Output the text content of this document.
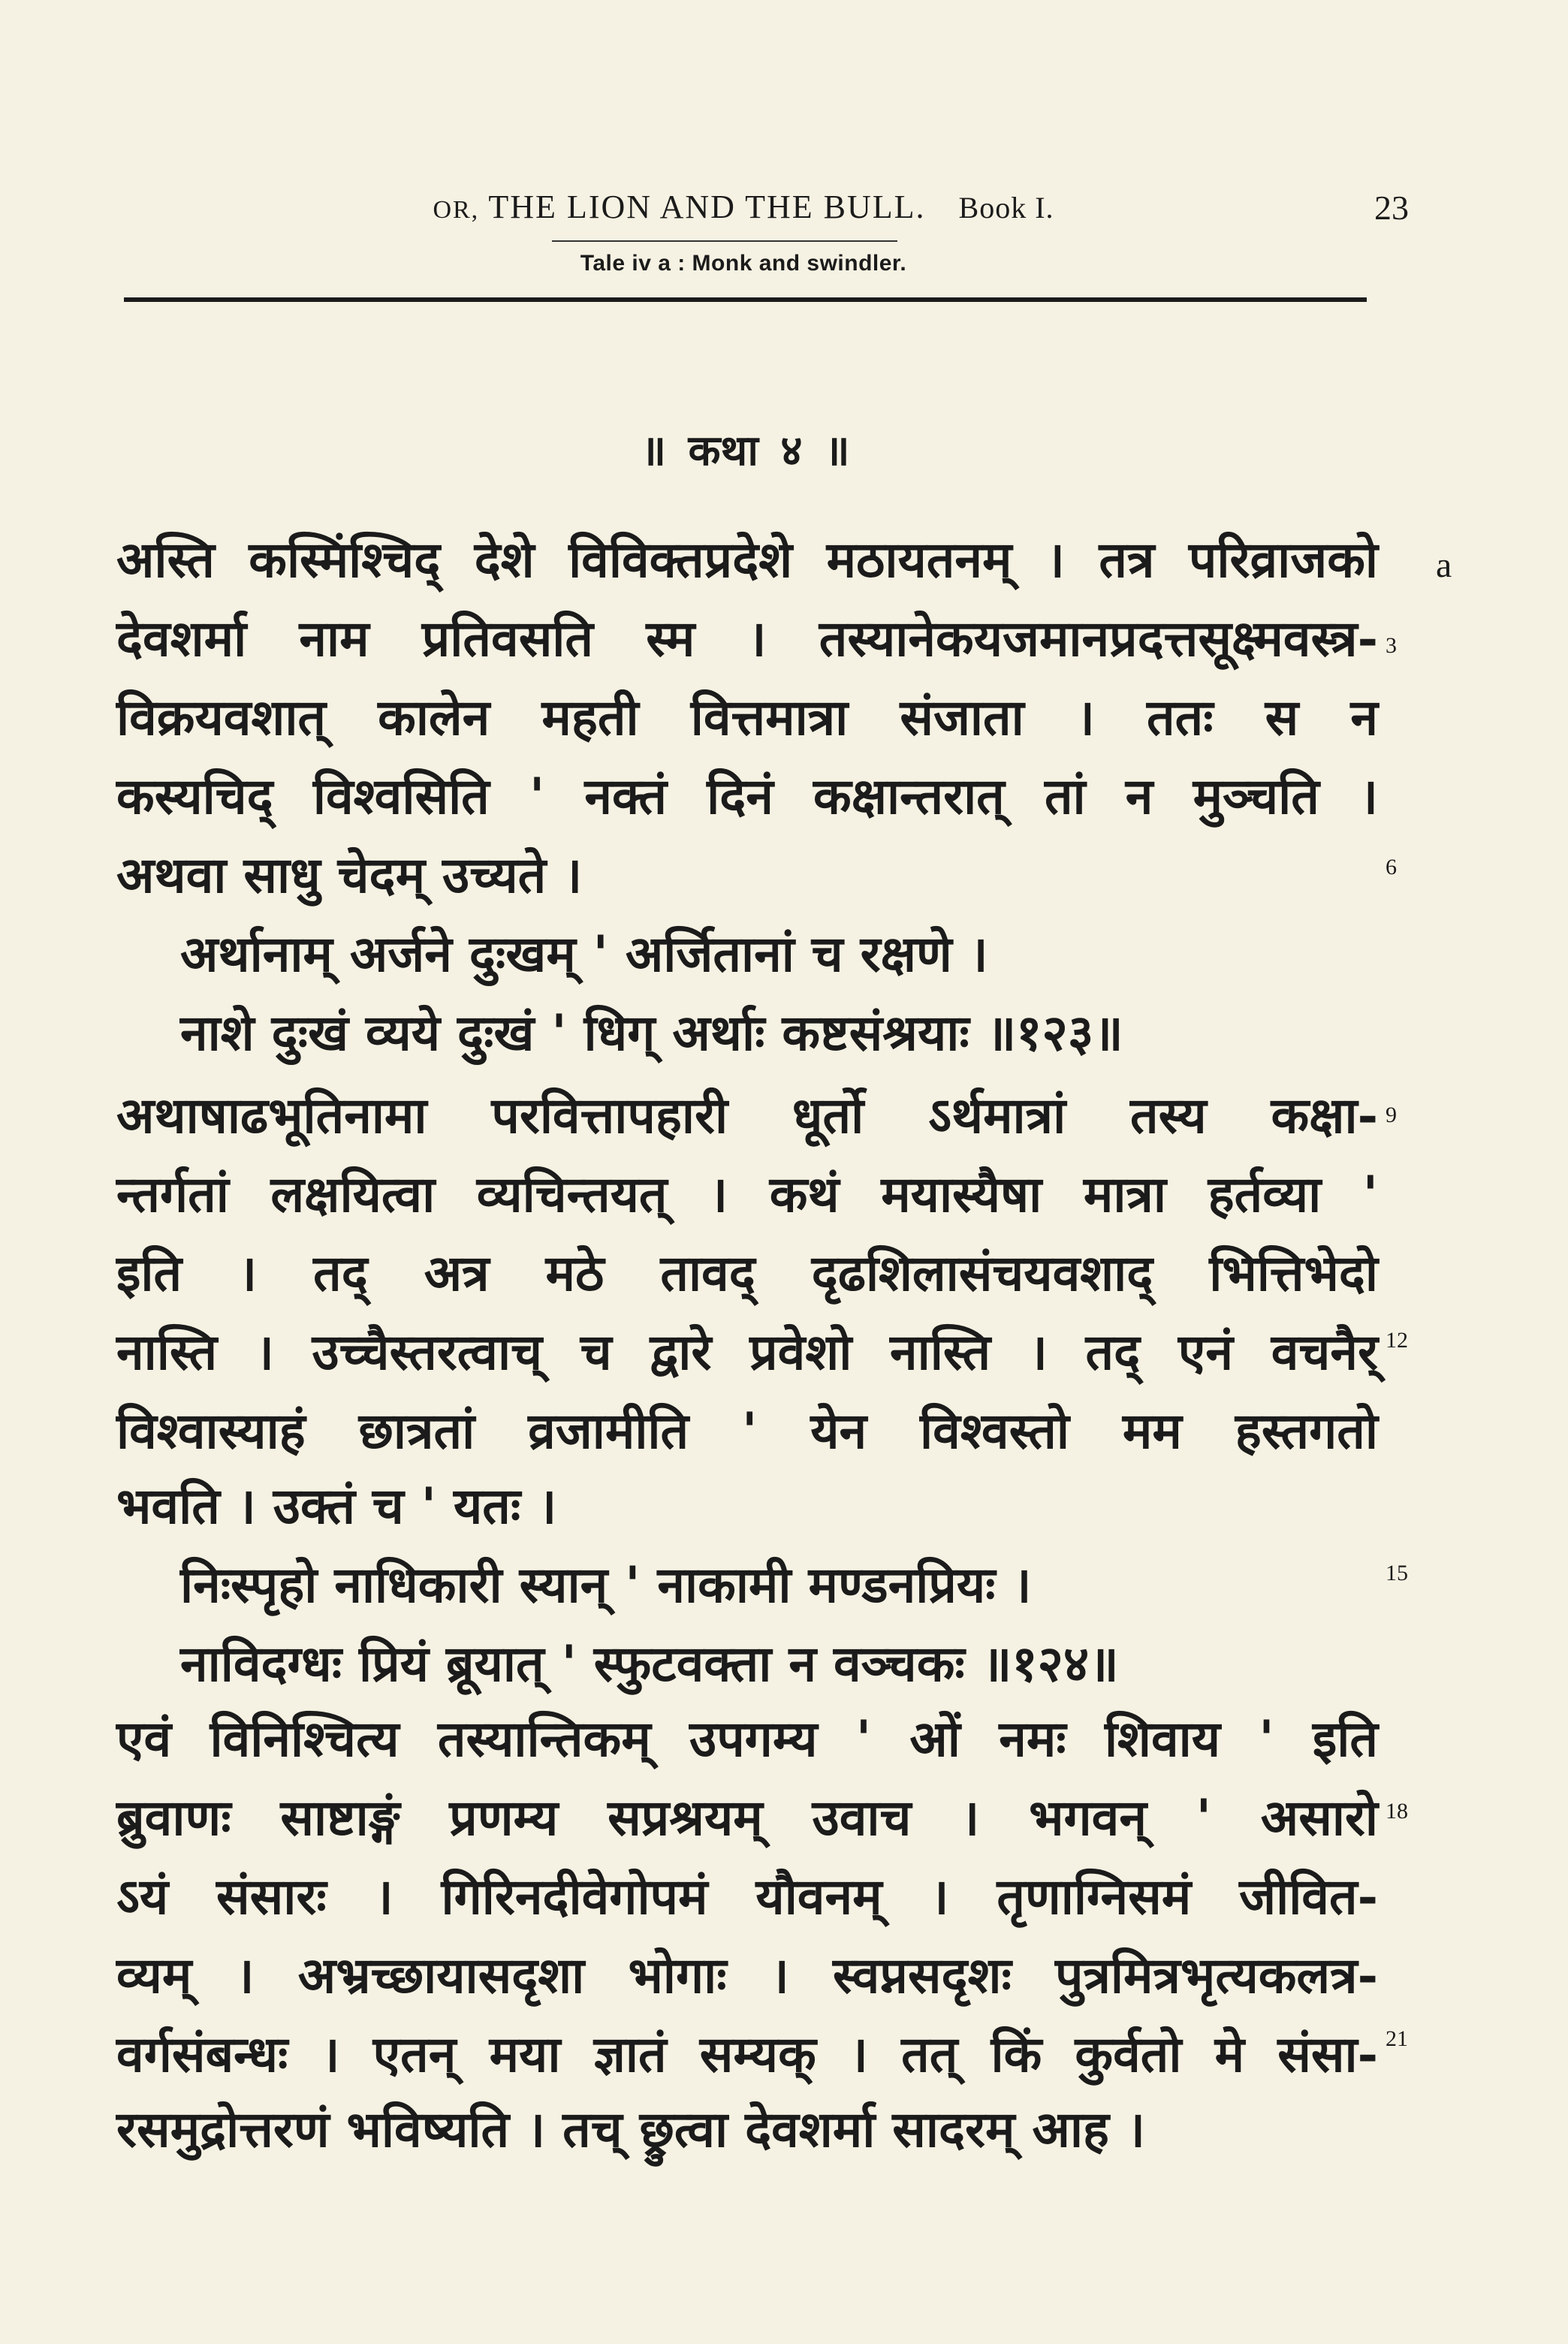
OR, THE LION AND THE BULL. Book I.	23
Tale iv a : Monk and swindler.
॥ कथा ४ ॥
a
अस्ति कस्मिंश्चिद् देशे विविक्तप्रदेशे मठायतनम् । तत्र परिव्राजको
देवशर्मा नाम प्रतिवसति स्म । तस्यानेकयजमानप्रदत्तसूक्ष्मवस्त्र-
विक्रयवशात् कालेन महती वित्तमात्रा संजाता । ततः स न
कस्यचिद् विश्वसिति ' नक्तं दिनं कक्षान्तरात् तां न मुञ्चति ।
अथवा साधु चेदम् उच्यते ।
अर्थानाम् अर्जने दुःखम् ' अर्जितानां च रक्षणे ।
नाशे दुःखं व्यये दुःखं ' धिग् अर्थाः कष्टसंश्रयाः ॥१२३॥
अथाषाढभूतिनामा परवित्तापहारी धूर्तो ऽर्थमात्रां तस्य कक्षा-
न्तर्गतां लक्षयित्वा व्यचिन्तयत् । कथं मयास्यैषा मात्रा हर्तव्या '
इति । तद् अत्र मठे तावद् दृढशिलासंचयवशाद् भित्तिभेदो
नास्ति । उच्चैस्तरत्वाच् च द्वारे प्रवेशो नास्ति । तद् एनं वचनैर्
विश्वास्याहं छात्रतां व्रजामीति ' येन विश्वस्तो मम हस्तगतो
भवति । उक्तं च ' यतः ।
निःस्पृहो नाधिकारी स्यान् ' नाकामी मण्डनप्रियः ।
नाविदग्धः प्रियं ब्रूयात् ' स्फुटवक्ता न वञ्चकः ॥१२४॥
एवं विनिश्चित्य तस्यान्तिकम् उपगम्य ' ओं नमः शिवाय ' इति
ब्रुवाणः साष्टाङ्गं प्रणम्य सप्रश्रयम् उवाच । भगवन् ' असारो
ऽयं संसारः । गिरिनदीवेगोपमं यौवनम् । तृणाग्निसमं जीवित-
व्यम् । अभ्रच्छायासदृशा भोगाः । स्वप्नसदृशः पुत्रमित्रभृत्यकलत्र-
वर्गसंबन्धः । एतन् मया ज्ञातं सम्यक् । तत् किं कुर्वतो मे संसा-
रसमुद्रोत्तरणं भविष्यति । तच् छ्रुत्वा देवशर्मा सादरम् आह ।
3
6
9
12
15
18
21
